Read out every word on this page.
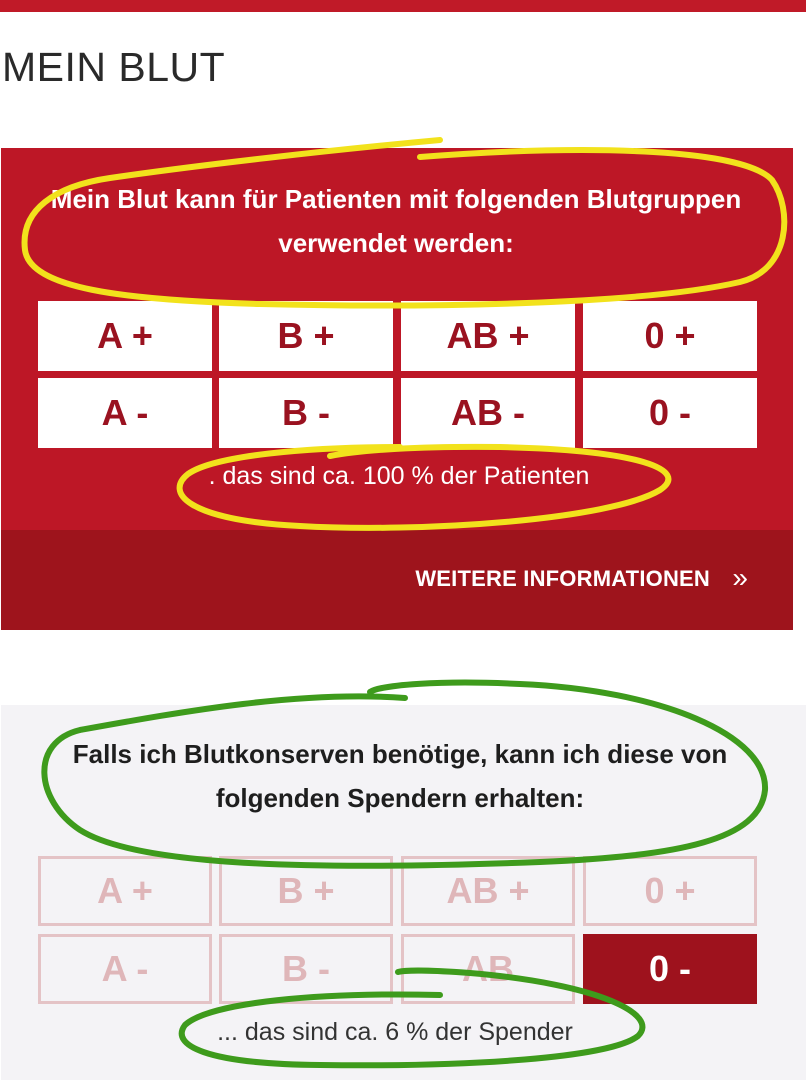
MEIN BLUT
Mein Blut kann für Patienten mit folgenden Blutgruppen
verwendet werden:
A +	B +	AB +	0 +
A -	B -	AB -	0 -
. das sind ca. 100 % der Patienten
WEITERE INFORMATIONEN »
Falls ich Blutkonserven benötige, kann ich diese von
folgenden Spendern erhalten:
A +	B +	AB +	0 +
A -	B -	AB	0 -
... das sind ca. 6 % der Spender
